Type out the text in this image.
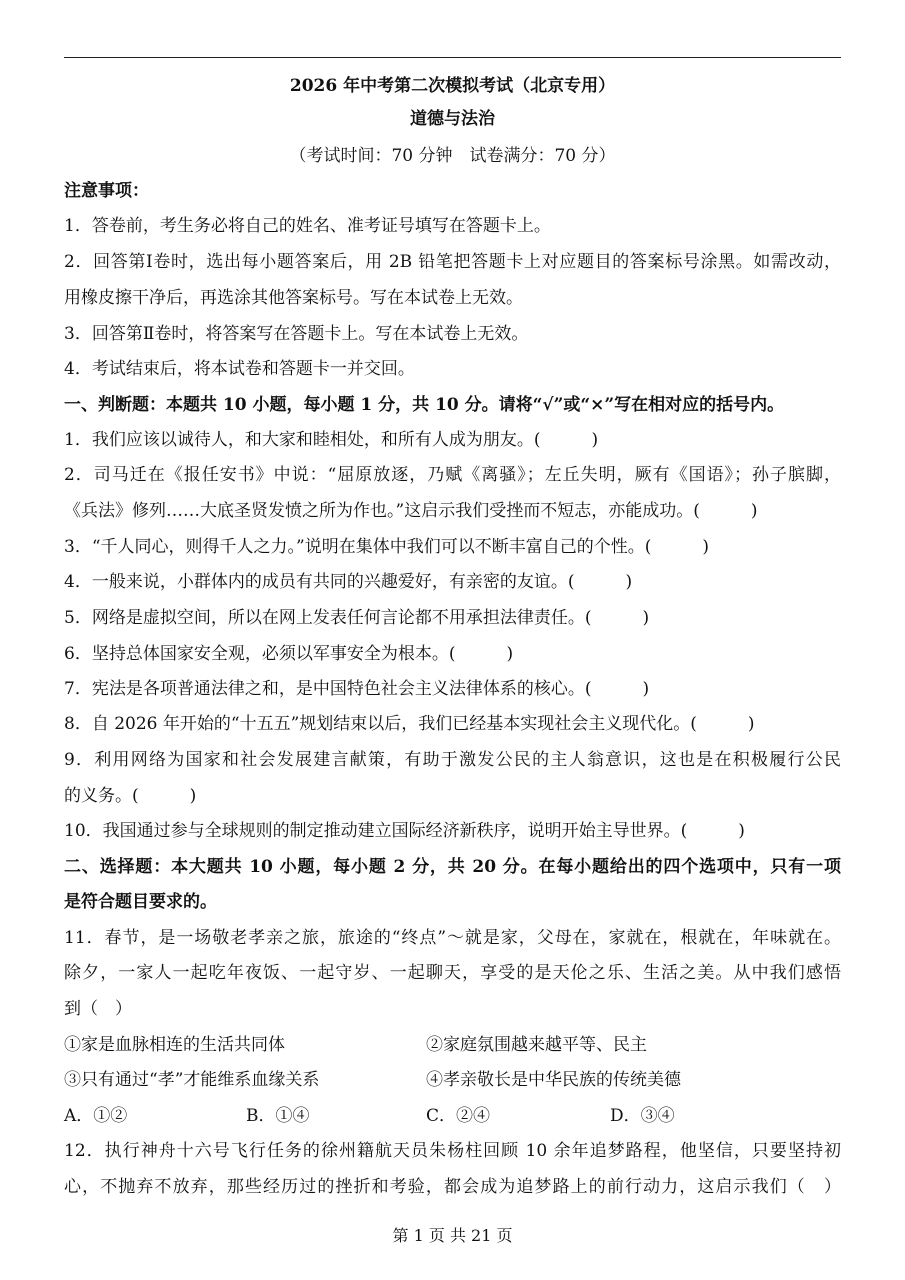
2026 年中考第二次模拟考试（北京专用）
道德与法治
（考试时间：70 分钟　试卷满分：70 分）
注意事项：
1．答卷前，考生务必将自己的姓名、准考证号填写在答题卡上。
2．回答第Ⅰ卷时，选出每小题答案后，用 2B 铅笔把答题卡上对应题目的答案标号涂黑。如需改动，
用橡皮擦干净后，再选涂其他答案标号。写在本试卷上无效。
3．回答第Ⅱ卷时，将答案写在答题卡上。写在本试卷上无效。
4．考试结束后，将本试卷和答题卡一并交回。
一、判断题：本题共 10 小题，每小题 1 分，共 10 分。请将“√”或“×”写在相对应的括号内。
1．我们应该以诚待人，和大家和睦相处，和所有人成为朋友。(　　　)
2．司马迁在《报任安书》中说：“屈原放逐，乃赋《离骚》；左丘失明，厥有《国语》；孙子膑脚，
《兵法》修列……大底圣贤发愤之所为作也。”这启示我们受挫而不短志，亦能成功。(　　　)
3．“千人同心，则得千人之力。”说明在集体中我们可以不断丰富自己的个性。(　　　)
4．一般来说，小群体内的成员有共同的兴趣爱好，有亲密的友谊。(　　　)
5．网络是虚拟空间，所以在网上发表任何言论都不用承担法律责任。(　　　)
6．坚持总体国家安全观，必须以军事安全为根本。(　　　)
7．宪法是各项普通法律之和，是中国特色社会主义法律体系的核心。(　　　)
8．自 2026 年开始的“十五五”规划结束以后，我们已经基本实现社会主义现代化。(　　　)
9．利用网络为国家和社会发展建言献策，有助于激发公民的主人翁意识，这也是在积极履行公民
的义务。(　　　)
10．我国通过参与全球规则的制定推动建立国际经济新秩序，说明开始主导世界。(　　　)
二、选择题：本大题共 10 小题，每小题 2 分，共 20 分。在每小题给出的四个选项中，只有一项
是符合题目要求的。
11．春节，是一场敬老孝亲之旅，旅途的“终点”～就是家，父母在，家就在，根就在，年味就在。
除夕，一家人一起吃年夜饭、一起守岁、一起聊天，享受的是天伦之乐、生活之美。从中我们感悟
到（　）
①家是血脉相连的生活共同体	②家庭氛围越来越平等、民主
③只有通过“孝”才能维系血缘关系	④孝亲敬长是中华民族的传统美德
A．①②	B．①④	C．②④	D．③④
12．执行神舟十六号飞行任务的徐州籍航天员朱杨柱回顾 10 余年追梦路程，他坚信，只要坚持初
心，不抛弃不放弃，那些经历过的挫折和考验，都会成为追梦路上的前行动力，这启示我们（　）
第 1 页 共 21 页
